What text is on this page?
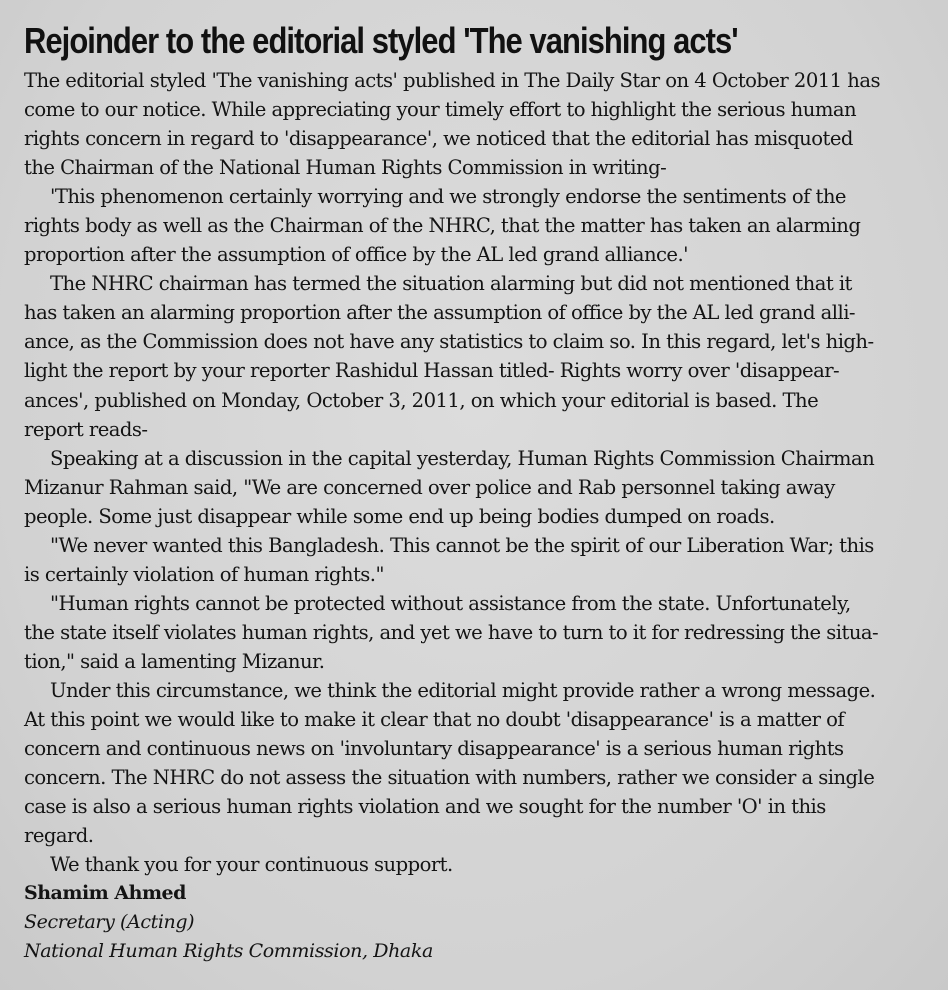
Rejoinder to the editorial styled 'The vanishing acts'
The editorial styled 'The vanishing acts' published in The Daily Star on 4 October 2011 has
come to our notice. While appreciating your timely effort to highlight the serious human
rights concern in regard to 'disappearance', we noticed that the editorial has misquoted
the Chairman of the National Human Rights Commission in writing-
'This phenomenon certainly worrying and we strongly endorse the sentiments of the
rights body as well as the Chairman of the NHRC, that the matter has taken an alarming
proportion after the assumption of office by the AL led grand alliance.'
The NHRC chairman has termed the situation alarming but did not mentioned that it
has taken an alarming proportion after the assumption of office by the AL led grand alli-
ance, as the Commission does not have any statistics to claim so. In this regard, let's high-
light the report by your reporter Rashidul Hassan titled- Rights worry over 'disappear-
ances', published on Monday, October 3, 2011, on which your editorial is based. The
report reads-
Speaking at a discussion in the capital yesterday, Human Rights Commission Chairman
Mizanur Rahman said, "We are concerned over police and Rab personnel taking away
people. Some just disappear while some end up being bodies dumped on roads.
"We never wanted this Bangladesh. This cannot be the spirit of our Liberation War; this
is certainly violation of human rights."
"Human rights cannot be protected without assistance from the state. Unfortunately,
the state itself violates human rights, and yet we have to turn to it for redressing the situa-
tion," said a lamenting Mizanur.
Under this circumstance, we think the editorial might provide rather a wrong message.
At this point we would like to make it clear that no doubt 'disappearance' is a matter of
concern and continuous news on 'involuntary disappearance' is a serious human rights
concern. The NHRC do not assess the situation with numbers, rather we consider a single
case is also a serious human rights violation and we sought for the number 'O' in this
regard.
We thank you for your continuous support.
Shamim Ahmed
Secretary (Acting)
National Human Rights Commission, Dhaka
